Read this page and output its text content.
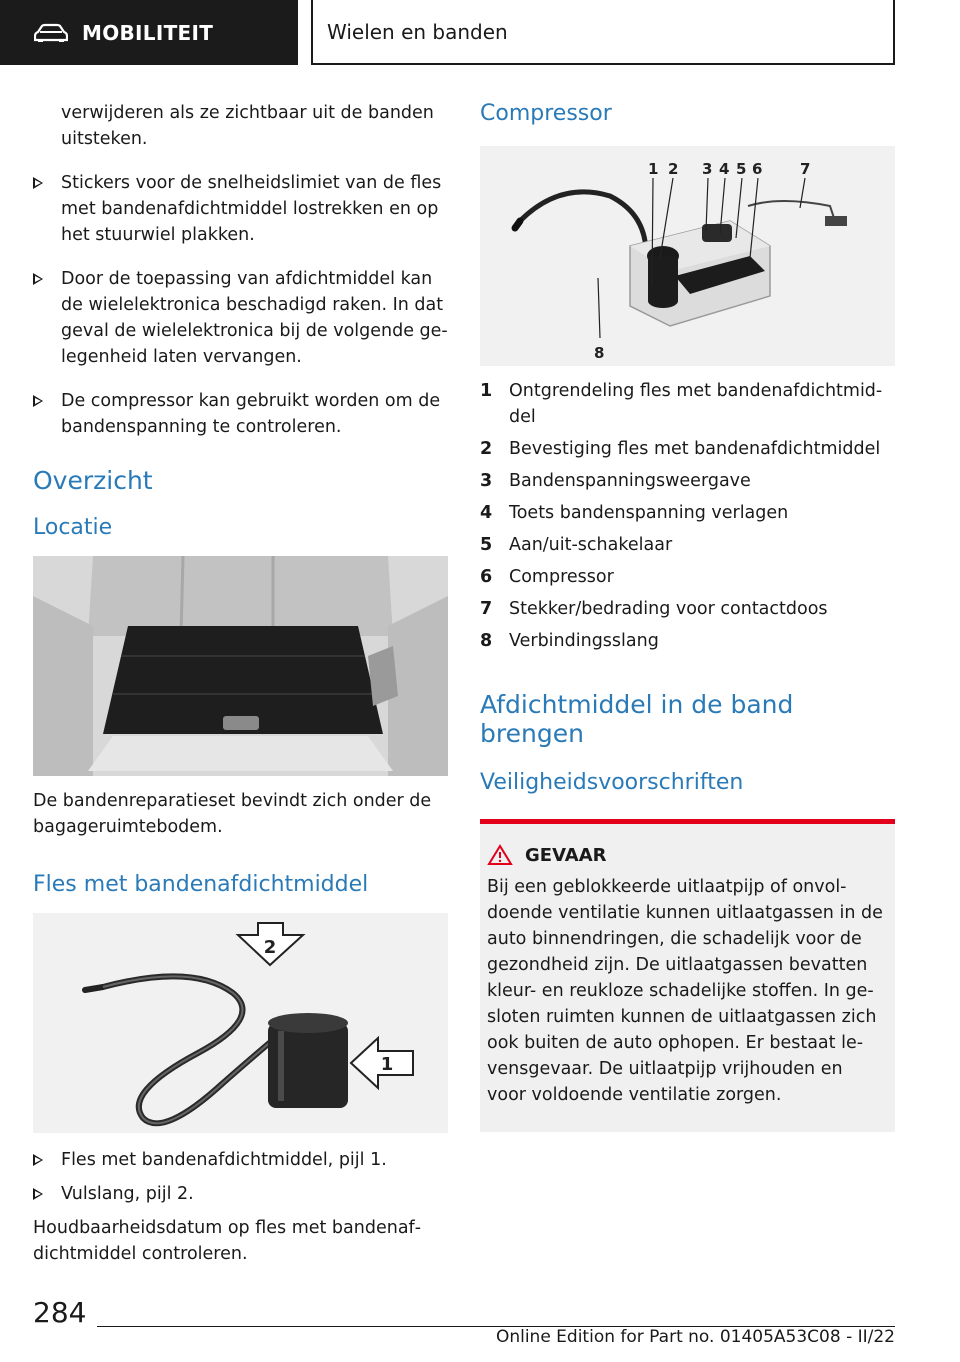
MOBILITEIT	Wielen en banden
verwijderen als ze zichtbaar uit de banden uitsteken.
Stickers voor de snelheidslimiet van de fles met bandenafdichtmiddel lostrekken en op het stuurwiel plakken.
Door de toepassing van afdichtmiddel kan de wielelektronica beschadigd raken. In dat geval de wielelektronica bij de volgende ge‐ legenheid laten vervangen.
De compressor kan gebruikt worden om de bandenspanning te controleren.
Overzicht
Locatie
De bandenreparatieset bevindt zich onder de bagageruimtebodem.
Fles met bandenafdichtmiddel
2
1
Fles met bandenafdichtmiddel, pijl 1.
Vulslang, pijl 2.
Houdbaarheidsdatum op fles met bandenaf‐ dichtmiddel controleren.
Compressor
1 2 3 4 5 6	7
8
1 Ontgrendeling fles met bandenafdichtmid‐ del
2 Bevestiging fles met bandenafdichtmiddel
3 Bandenspanningsweergave
4 Toets bandenspanning verlagen
5 Aan/uit-schakelaar
6 Compressor
7 Stekker/bedrading voor contactdoos
8 Verbindingsslang
Afdichtmiddel in de band brengen
Veiligheidsvoorschriften
GEVAAR
Bij een geblokkeerde uitlaatpijp of onvol‐ doende ventilatie kunnen uitlaatgassen in de auto binnendringen, die schadelijk voor de gezondheid zijn. De uitlaatgassen bevatten kleur- en reukloze schadelijke stoffen. In ge‐ sloten ruimten kunnen de uitlaatgassen zich ook buiten de auto ophopen. Er bestaat le‐ vensgevaar. De uitlaatpijp vrijhouden en voor voldoende ventilatie zorgen.
284
Online Edition for Part no. 01405A53C08 - II/22
